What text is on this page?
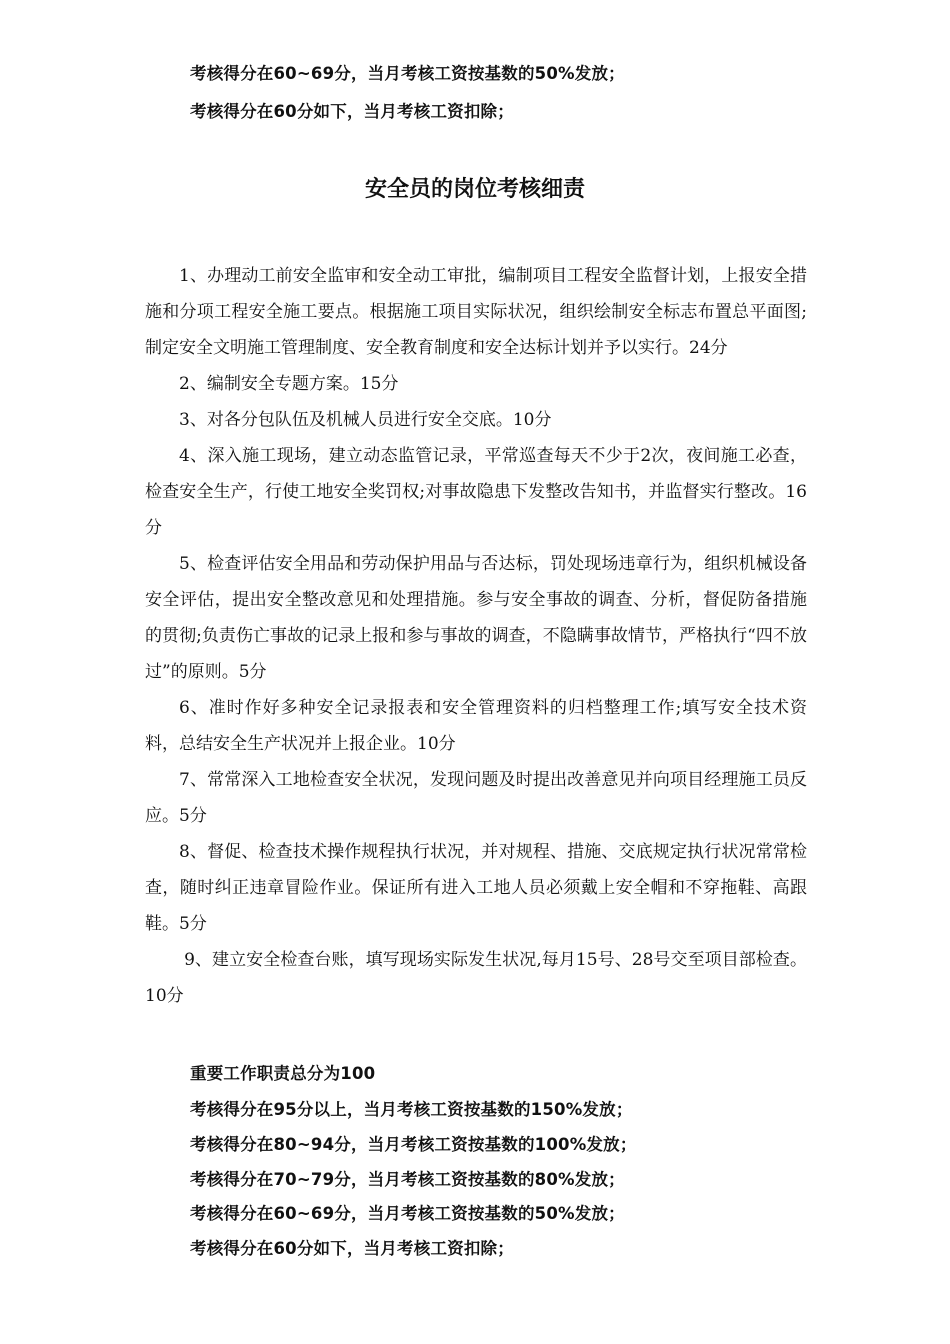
考核得分在60~69分，当月考核工资按基数的50%发放；

考核得分在60分如下，当月考核工资扣除；

安全员的岗位考核细责

1、办理动工前安全监审和安全动工审批，编制项目工程安全监督计划，上报安全措施和分项工程安全施工要点。根据施工项目实际状况，组织绘制安全标志布置总平面图;制定安全文明施工管理制度、安全教育制度和安全达标计划并予以实行。24分

2、编制安全专题方案。15分

3、对各分包队伍及机械人员进行安全交底。10分

4、深入施工现场，建立动态监管记录，平常巡查每天不少于2次，夜间施工必查，检查安全生产，行使工地安全奖罚权;对事故隐患下发整改告知书，并监督实行整改。16分

5、检查评估安全用品和劳动保护用品与否达标，罚处现场违章行为，组织机械设备安全评估，提出安全整改意见和处理措施。参与安全事故的调查、分析，督促防备措施的贯彻;负责伤亡事故的记录上报和参与事故的调查，不隐瞒事故情节，严格执行“四不放过”的原则。5分

6、准时作好多种安全记录报表和安全管理资料的归档整理工作;填写安全技术资料，总结安全生产状况并上报企业。10分

7、常常深入工地检查安全状况，发现问题及时提出改善意见并向项目经理施工员反应。5分

8、督促、检查技术操作规程执行状况，并对规程、措施、交底规定执行状况常常检查，随时纠正违章冒险作业。保证所有进入工地人员必须戴上安全帽和不穿拖鞋、高跟鞋。5分

9、建立安全检查台账，填写现场实际发生状况,每月15号、28号交至项目部检查。10分

重要工作职责总分为100

考核得分在95分以上，当月考核工资按基数的150%发放；

考核得分在80~94分，当月考核工资按基数的100%发放；

考核得分在70~79分，当月考核工资按基数的80%发放；

考核得分在60~69分，当月考核工资按基数的50%发放；

考核得分在60分如下，当月考核工资扣除；
